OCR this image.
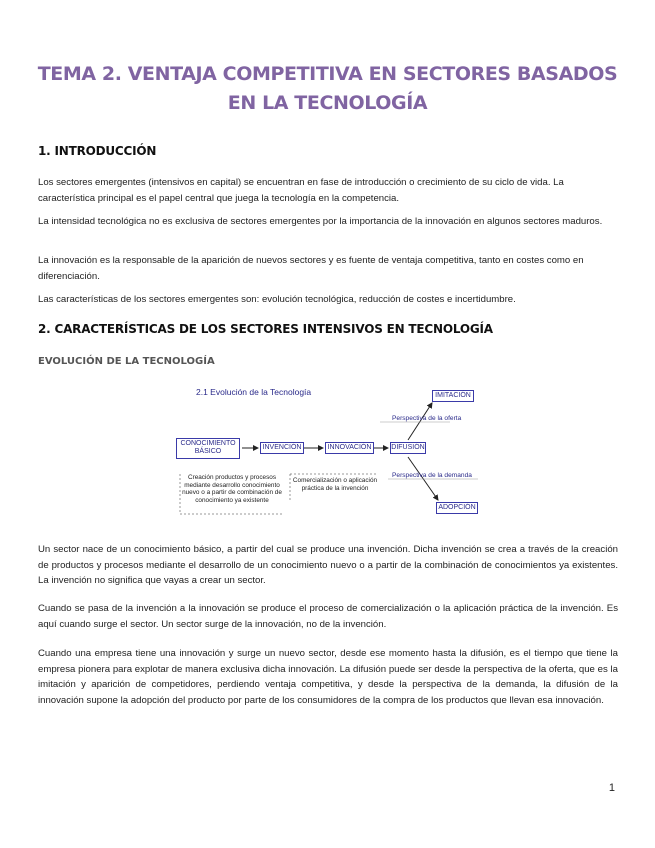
TEMA 2. VENTAJA COMPETITIVA EN SECTORES BASADOS EN LA TECNOLOGÍA
1. INTRODUCCIÓN

Los sectores emergentes (intensivos en capital) se encuentran en fase de introducción o crecimiento de su ciclo de vida. La característica principal es el papel central que juega la tecnología en la competencia.

La intensidad tecnológica no es exclusiva de sectores emergentes por la importancia de la innovación en algunos sectores maduros.

La innovación es la responsable de la aparición de nuevos sectores y es fuente de ventaja competitiva, tanto en costes como en diferenciación.

Las características de los sectores emergentes son: evolución tecnológica, reducción de costes e incertidumbre.

2. CARACTERÍSTICAS DE LOS SECTORES INTENSIVOS EN TECNOLOGÍA
EVOLUCIÓN DE LA TECNOLOGÍA
2.1 Evolución de la Tecnología
CONOCIMIENTO BÁSICO
INVENCIÓN	INNOVACIÓN	DIFUSIÓN
IMITACIÓN
ADOPCIÓN
Perspectiva de la oferta
Perspectiva de la demanda
Creación productos y procesos mediante desarrollo conocimiento nuevo o a partir de combinación de conocimiento ya existente
Comercialización o aplicación práctica de la invención

Un sector nace de un conocimiento básico, a partir del cual se produce una invención. Dicha invención se crea a través de la creación de productos y procesos mediante el desarrollo de un conocimiento nuevo o a partir de la combinación de conocimientos ya existentes. La invención no significa que vayas a crear un sector.

Cuando se pasa de la invención a la innovación se produce el proceso de comercialización o la aplicación práctica de la invención. Es aquí cuando surge el sector. Un sector surge de la innovación, no de la invención.

Cuando una empresa tiene una innovación y surge un nuevo sector, desde ese momento hasta la difusión, es el tiempo que tiene la empresa pionera para explotar de manera exclusiva dicha innovación. La difusión puede ser desde la perspectiva de la oferta, que es la imitación y aparición de competidores, perdiendo ventaja competitiva, y desde la perspectiva de la demanda, la difusión de la innovación supone la adopción del producto por parte de los consumidores de la compra de los productos que llevan esa innovación.

1
